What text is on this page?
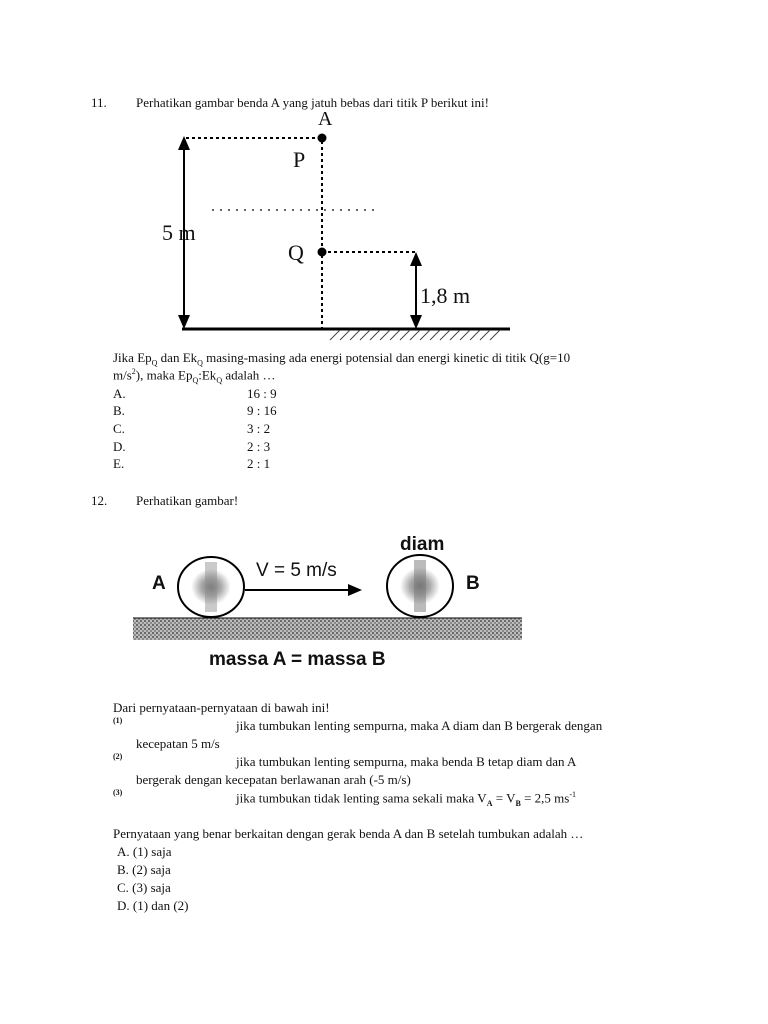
11. Perhatikan gambar benda A yang jatuh bebas dari titik P berikut ini!
A
P
Q
5 m
1,8 m
Jika $Ep_Q$ dan $Ek_Q$ masing-masing ada energi potensial dan energi kinetic di titik Q(g=10
$m/s^2$), maka $Ep_Q:Ek_Q$ adalah …
A.	16 : 9
B.	9 : 16
C.	3 : 2
D.	2 : 3
E.	2 : 1
12. Perhatikan gambar!
A	B
V = 5 m/s
diam
massa A = massa B
Dari pernyataan-pernyataan di bawah ini!
(1)	jika tumbukan lenting sempurna, maka A diam dan B bergerak dengan
kecepatan 5 m/s
(2)	jika tumbukan lenting sempurna, maka benda B tetap diam dan A
bergerak dengan kecepatan berlawanan arah (-5 m/s)
(3)	jika tumbukan tidak lenting sama sekali maka $V_A = V_B = 2,5$ $ms^{-1}$
Pernyataan yang benar berkaitan dengan gerak benda A dan B setelah tumbukan adalah …
A. (1) saja
B. (2) saja
C. (3) saja
D. (1) dan (2)
